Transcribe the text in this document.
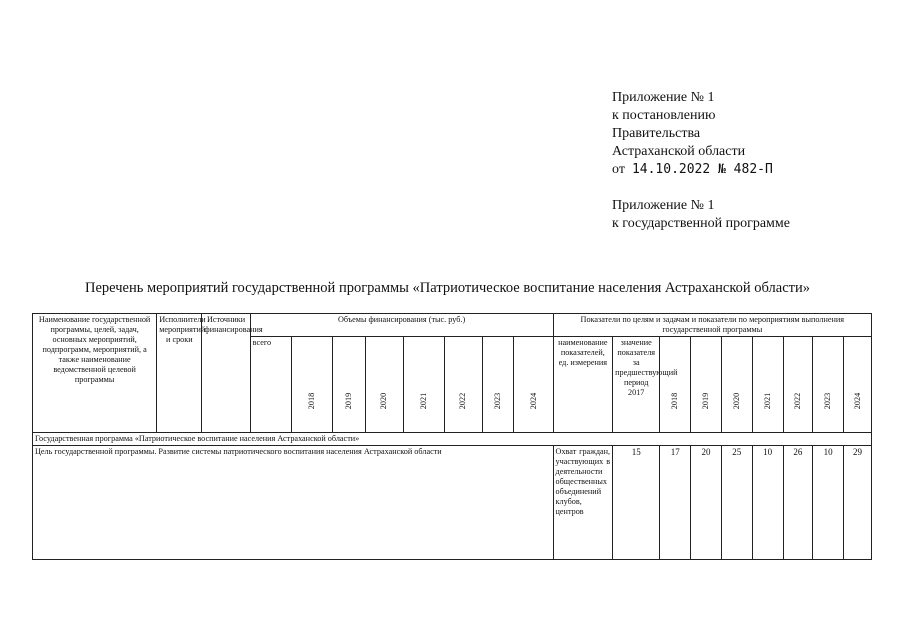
Приложение № 1
к постановлению
Правительства
Астраханской области
от 14.10.2022 № 482-П
Приложение № 1
к государственной программе
Перечень мероприятий государственной программы «Патриотическое воспитание населения Астраханской области»
Наименование государственной программы, целей, задач, основных мероприятий, подпрограмм, мероприятий, а также наименование ведомственной целевой программы	Исполнители мероприятий и сроки	Источники финансирования	Объемы финансирования (тыс. руб.)								Показатели по целям и задачам и показатели по мероприятиям выполнения государственной программы								
			всего	2018	2019	2020	2021	2022	2023	2024	наименование показателей, ед. измерения	значение показателя за предшествующий период 2017	2018	2019	2020	2021	2022	2023	2024

Государственная программа «Патриотическое воспитание населения Астраханской области»																			
Цель государственной программы. Развитие системы патриотического воспитания населения Астраханской области											Охват граждан, участвующих в деятельности общественных объединений клубов, центров	15	17	20	25	10	26	10	29
